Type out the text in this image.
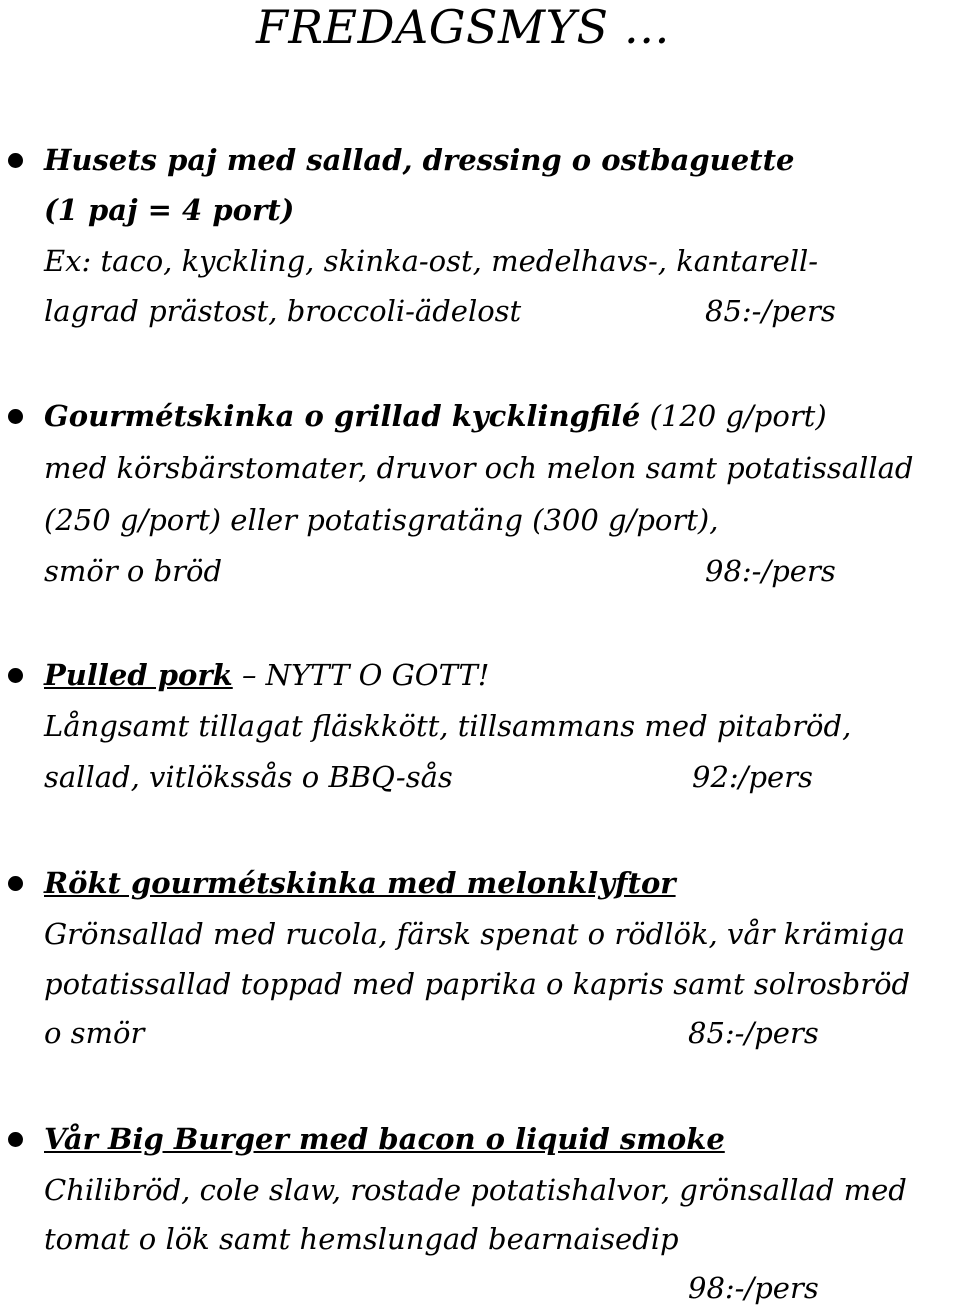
FREDAGSMYS …
Husets paj med sallad, dressing o ostbaguette
(1 paj = 4 port)
Ex: taco, kyckling, skinka-ost, medelhavs-, kantarell-
lagrad prästost, broccoli-ädelost	85:-/pers
Gourmétskinka o grillad kycklingfilé (120 g/port)
med körsbärstomater, druvor och melon samt potatissallad
(250 g/port) eller potatisgratäng (300 g/port),
smör o bröd	98:-/pers
Pulled pork – NYTT O GOTT!
Långsamt tillagat fläskkött, tillsammans med pitabröd,
sallad, vitlökssås o BBQ-sås	92:/pers
Rökt gourmétskinka med melonklyftor
Grönsallad med rucola, färsk spenat o rödlök, vår krämiga
potatissallad toppad med paprika o kapris samt solrosbröd
o smör	85:-/pers
Vår Big Burger med bacon o liquid smoke
Chilibröd, cole slaw, rostade potatishalvor, grönsallad med
tomat o lök samt hemslungad bearnaisedip
98:-/pers
